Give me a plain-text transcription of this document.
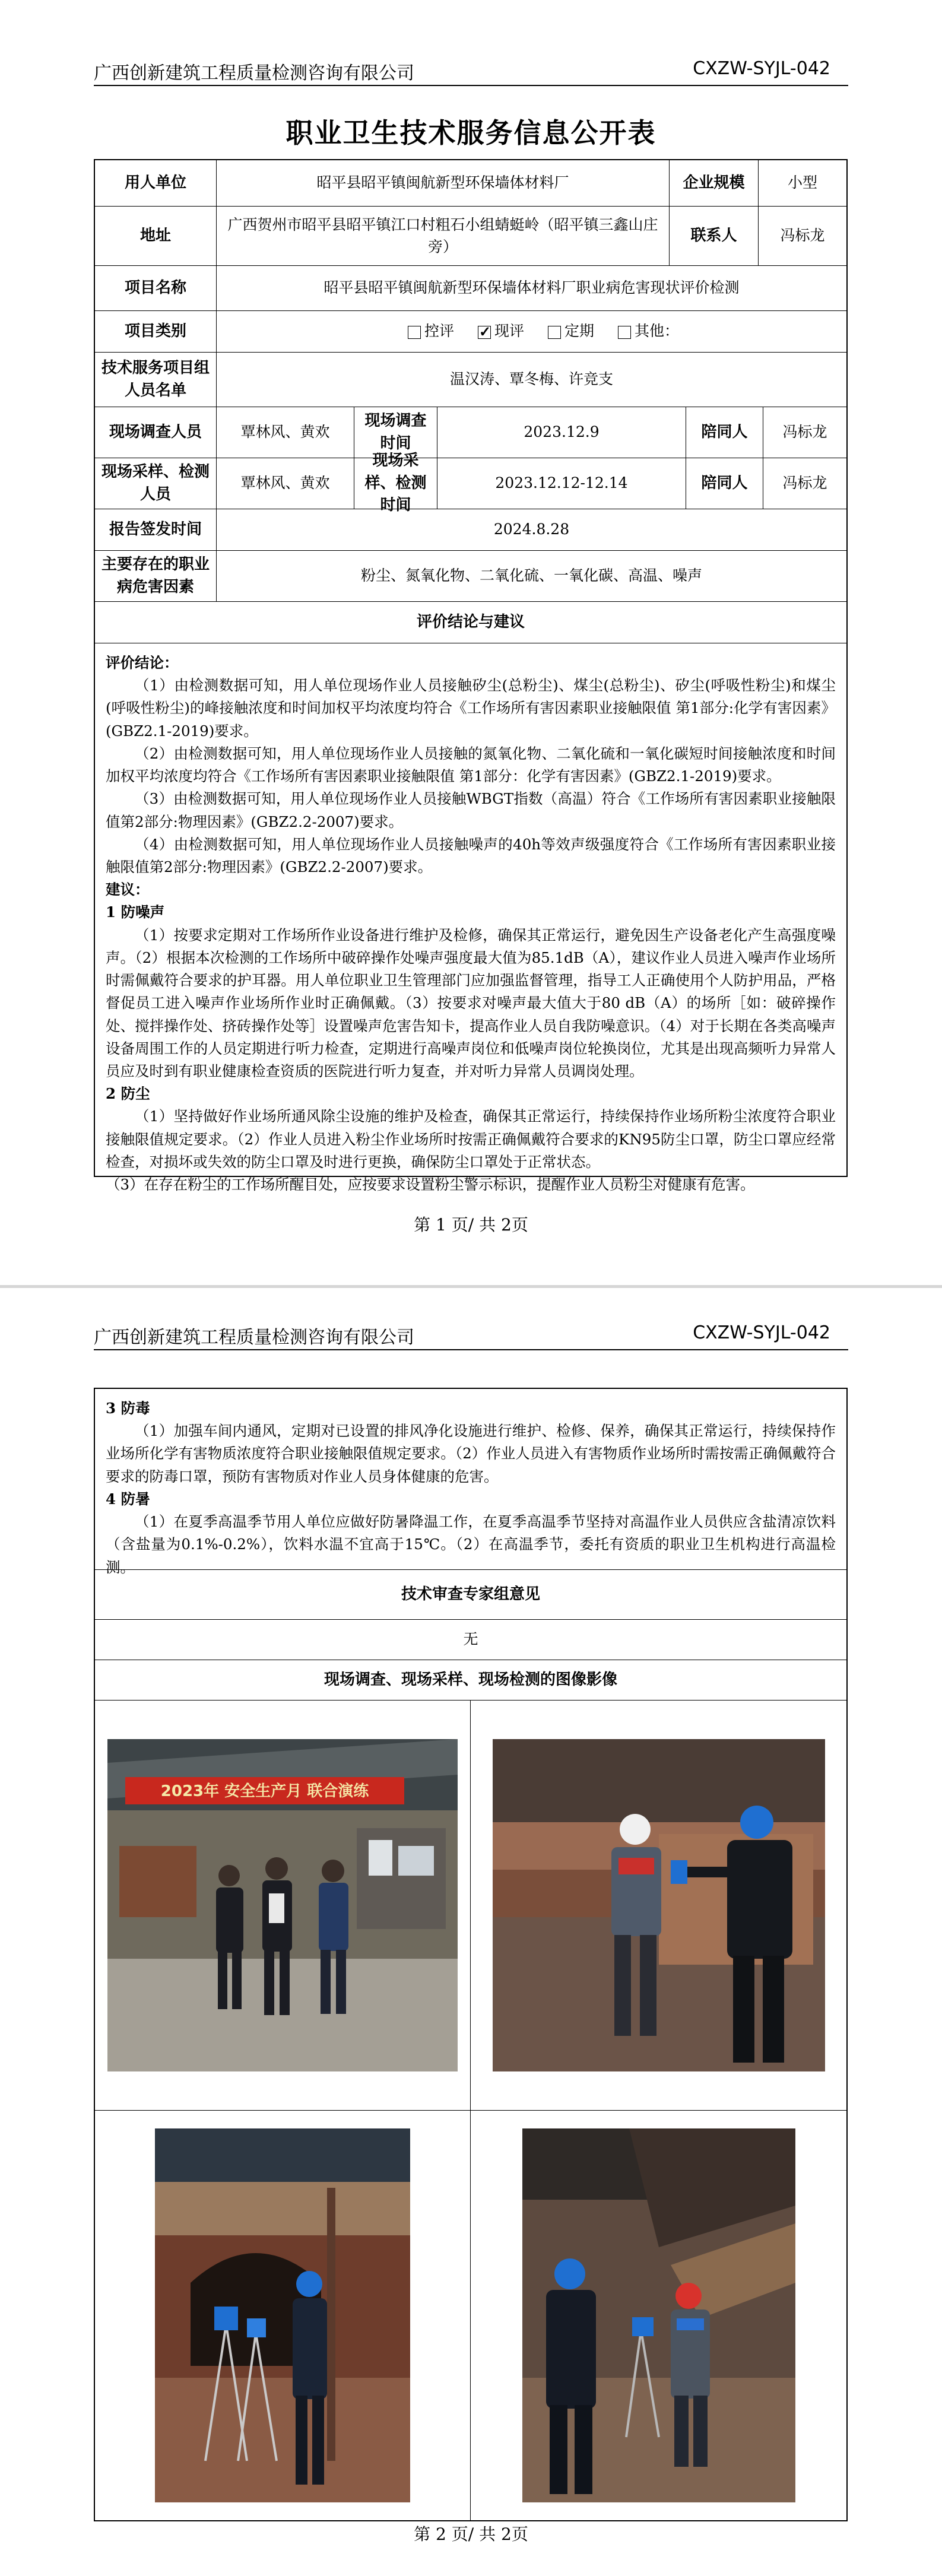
广西创新建筑工程质量检测咨询有限公司	CXZW-SYJL-042
职业卫生技术服务信息公开表
用人单位	昭平县昭平镇闽航新型环保墙体材料厂	企业规模	小型
地址
广西贺州市昭平县昭平镇江口村粗石小组蜻蜓岭（昭平镇三鑫山庄旁）
联系人	冯标龙
项目名称	昭平县昭平镇闽航新型环保墙体材料厂职业病危害现状评价检测
项目类别	控评
✓	现评	定期	其他：
技术服务项目组人员名单
温汉涛、覃冬梅、许竞支
现场调查人员	覃林风、黄欢
现场调查时间
2023.12.9	陪同人	冯标龙
现场采样、检测人员
覃林风、黄欢
现场采样、检测时间
2023.12.12-12.14	陪同人	冯标龙
报告签发时间	2024.8.28
主要存在的职业病危害因素
粉尘、氮氧化物、二氧化硫、一氧化碳、高温、噪声
评价结论与建议

评价结论：

（1）由检测数据可知，用人单位现场作业人员接触矽尘(总粉尘)、煤尘(总粉尘)、矽尘(呼吸性粉尘)和煤尘(呼吸性粉尘)的峰接触浓度和时间加权平均浓度均符合《工作场所有害因素职业接触限值 第1部分:化学有害因素》(GBZ2.1-2019)要求。

（2）由检测数据可知，用人单位现场作业人员接触的氮氧化物、二氧化硫和一氧化碳短时间接触浓度和时间加权平均浓度均符合《工作场所有害因素职业接触限值 第1部分：化学有害因素》(GBZ2.1-2019)要求。

（3）由检测数据可知，用人单位现场作业人员接触WBGT指数（高温）符合《工作场所有害因素职业接触限值第2部分:物理因素》(GBZ2.2-2007)要求。

（4）由检测数据可知，用人单位现场作业人员接触噪声的40h等效声级强度符合《工作场所有害因素职业接触限值第2部分:物理因素》(GBZ2.2-2007)要求。

建议：

1 防噪声

（1）按要求定期对工作场所作业设备进行维护及检修，确保其正常运行，避免因生产设备老化产生高强度噪声。（2）根据本次检测的工作场所中破碎操作处噪声强度最大值为85.1dB（A），建议作业人员进入噪声作业场所时需佩戴符合要求的护耳器。用人单位职业卫生管理部门应加强监督管理，指导工人正确使用个人防护用品，严格督促员工进入噪声作业场所作业时正确佩戴。（3）按要求对噪声最大值大于80 dB（A）的场所［如：破碎操作处、搅拌操作处、挤砖操作处等］设置噪声危害告知卡，提高作业人员自我防噪意识。（4）对于长期在各类高噪声设备周围工作的人员定期进行听力检查，定期进行高噪声岗位和低噪声岗位轮换岗位，尤其是出现高频听力异常人员应及时到有职业健康检查资质的医院进行听力复查，并对听力异常人员调岗处理。

2 防尘

（1）坚持做好作业场所通风除尘设施的维护及检查，确保其正常运行，持续保持作业场所粉尘浓度符合职业接触限值规定要求。（2）作业人员进入粉尘作业场所时按需正确佩戴符合要求的KN95防尘口罩，防尘口罩应经常检查，对损坏或失效的防尘口罩及时进行更换，确保防尘口罩处于正常状态。

（3）在存在粉尘的工作场所醒目处，应按要求设置粉尘警示标识，提醒作业人员粉尘对健康有危害。

第 1 页/ 共 2页
广西创新建筑工程质量检测咨询有限公司	CXZW-SYJL-042

3 防毒

（1）加强车间内通风，定期对已设置的排风净化设施进行维护、检修、保养，确保其正常运行，持续保持作业场所化学有害物质浓度符合职业接触限值规定要求。（2）作业人员进入有害物质作业场所时需按需正确佩戴符合要求的防毒口罩，预防有害物质对作业人员身体健康的危害。

4 防暑

（1）在夏季高温季节用人单位应做好防暑降温工作，在夏季高温季节坚持对高温作业人员供应含盐清凉饮料（含盐量为0.1%-0.2%），饮料水温不宜高于15℃。（2）在高温季节，委托有资质的职业卫生机构进行高温检测。

技术审查专家组意见
无
现场调查、现场采样、现场检测的图像影像
2023年 安全生产月 联合演练
第 2 页/ 共 2页
